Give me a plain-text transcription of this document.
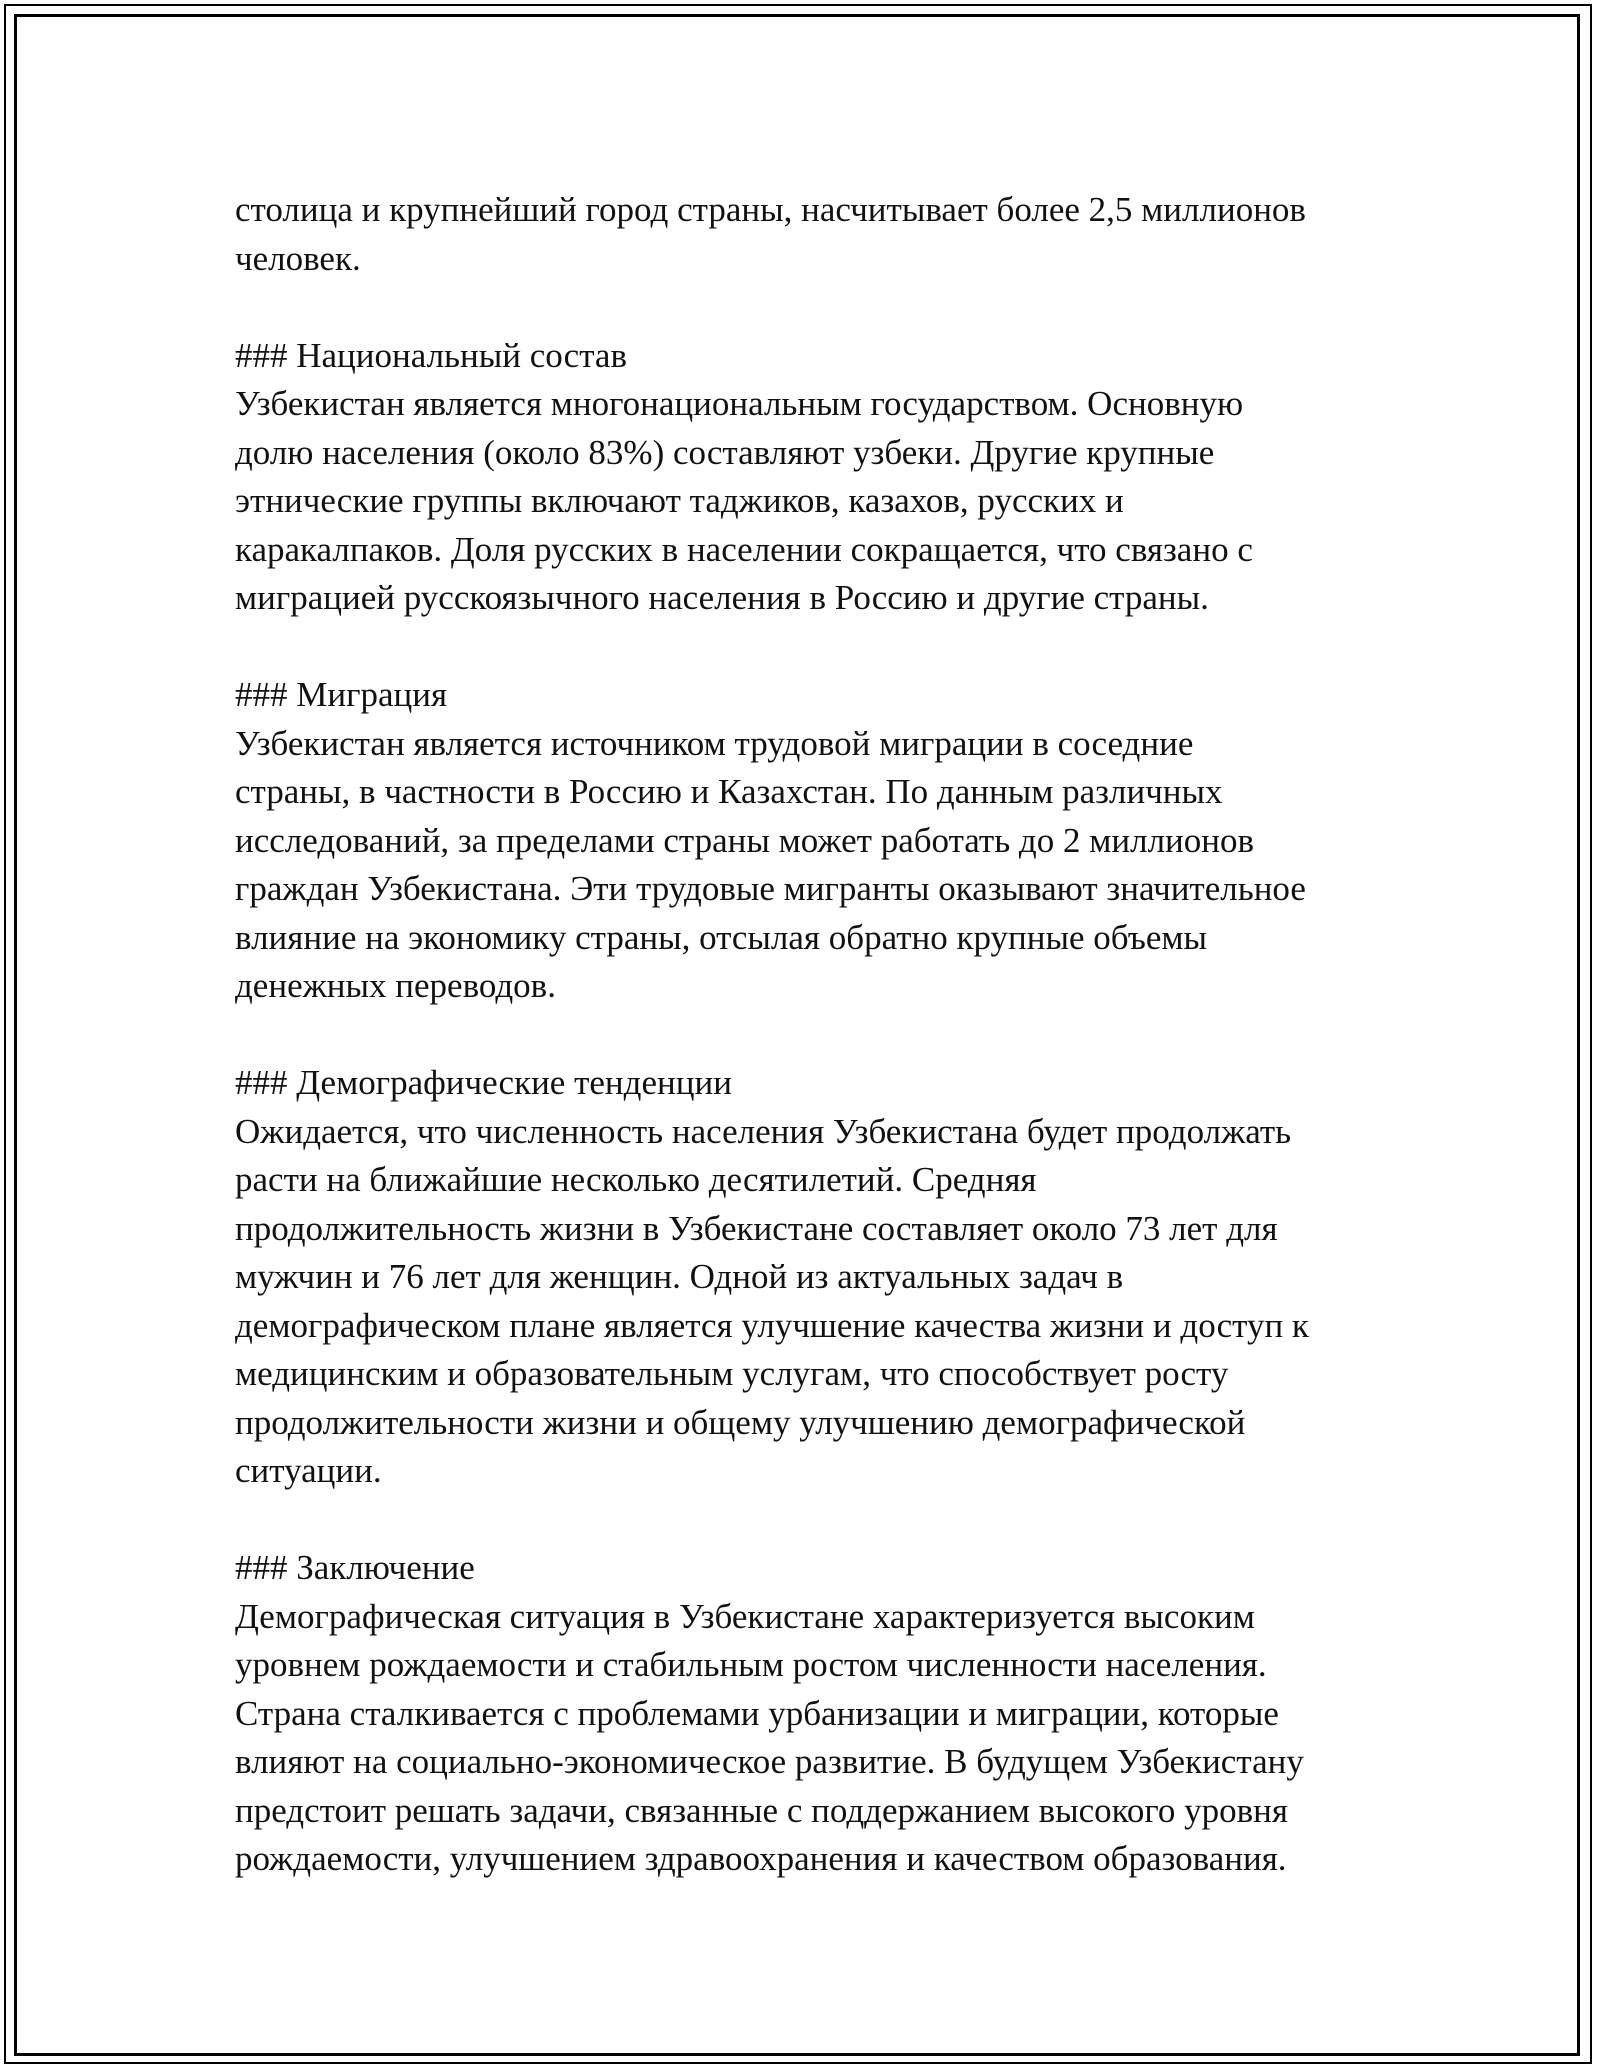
столица и крупнейший город страны, насчитывает более 2,5 миллионов
человек.

### Национальный состав

Узбекистан является многонациональным государством. Основную
долю населения (около 83%) составляют узбеки. Другие крупные
этнические группы включают таджиков, казахов, русских и
каракалпаков. Доля русских в населении сокращается, что связано с
миграцией русскоязычного населения в Россию и другие страны.

### Миграция

Узбекистан является источником трудовой миграции в соседние
страны, в частности в Россию и Казахстан. По данным различных
исследований, за пределами страны может работать до 2 миллионов
граждан Узбекистана. Эти трудовые мигранты оказывают значительное
влияние на экономику страны, отсылая обратно крупные объемы
денежных переводов.

### Демографические тенденции

Ожидается, что численность населения Узбекистана будет продолжать
расти на ближайшие несколько десятилетий. Средняя
продолжительность жизни в Узбекистане составляет около 73 лет для
мужчин и 76 лет для женщин. Одной из актуальных задач в
демографическом плане является улучшение качества жизни и доступ к
медицинским и образовательным услугам, что способствует росту
продолжительности жизни и общему улучшению демографической
ситуации.

### Заключение

Демографическая ситуация в Узбекистане характеризуется высоким
уровнем рождаемости и стабильным ростом численности населения.
Страна сталкивается с проблемами урбанизации и миграции, которые
влияют на социально-экономическое развитие. В будущем Узбекистану
предстоит решать задачи, связанные с поддержанием высокого уровня
рождаемости, улучшением здравоохранения и качеством образования.
